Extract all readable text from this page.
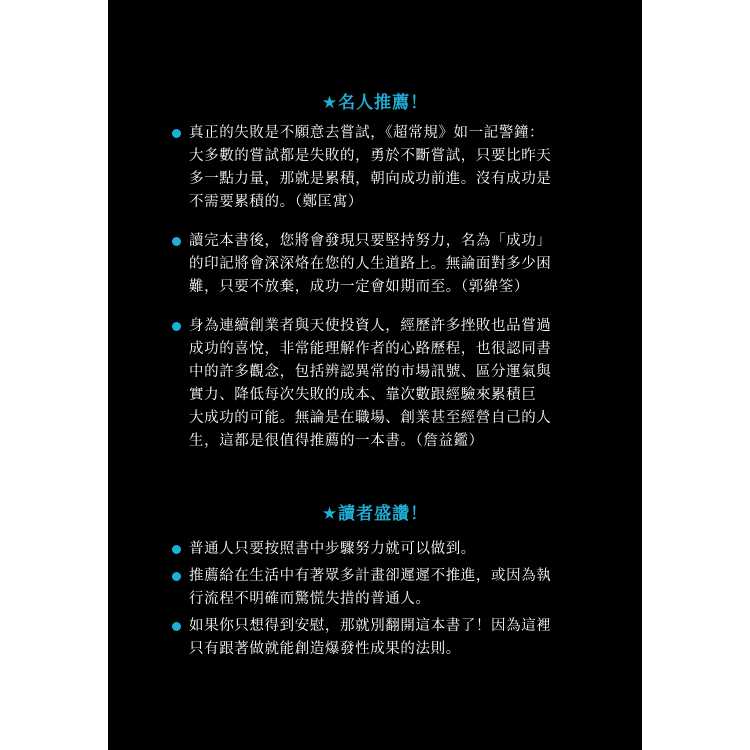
★名人推薦！
真正的失敗是不願意去嘗試，《超常規》如一記警鐘：
大多數的嘗試都是失敗的，勇於不斷嘗試，只要比昨天
多一點力量，那就是累積，朝向成功前進。沒有成功是
不需要累積的。（鄭匡寓）
讀完本書後，您將會發現只要堅持努力，名為「成功」
的印記將會深深烙在您的人生道路上。無論面對多少困
難，只要不放棄，成功一定會如期而至。（郭緯筌）
身為連續創業者與天使投資人，經歷許多挫敗也品嘗過
成功的喜悅，非常能理解作者的心路歷程，也很認同書
中的許多觀念，包括辨認異常的市場訊號、區分運氣與
實力、降低每次失敗的成本、靠次數跟經驗來累積巨
大成功的可能。無論是在職場、創業甚至經營自己的人
生，這都是很值得推薦的一本書。（詹益鑑）
★讀者盛讚！
普通人只要按照書中步驟努力就可以做到。
推薦給在生活中有著眾多計畫卻遲遲不推進，或因為執
行流程不明確而驚慌失措的普通人。
如果你只想得到安慰，那就別翻開這本書了！因為這裡
只有跟著做就能創造爆發性成果的法則。
